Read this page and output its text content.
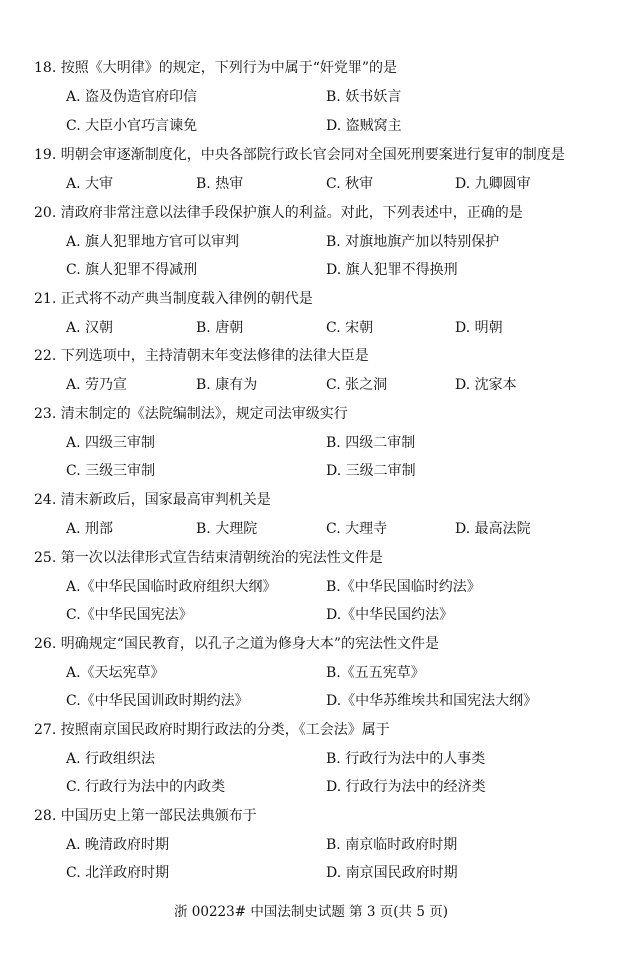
18. 按照《大明律》的规定，下列行为中属于“奸党罪”的是
A. 盗及伪造官府印信	B. 妖书妖言
C. 大臣小官巧言谏免	D. 盗贼窝主
19. 明朝会审逐渐制度化，中央各部院行政长官会同对全国死刑要案进行复审的制度是
A. 大审	B. 热审	C. 秋审	D. 九卿圆审
20. 清政府非常注意以法律手段保护旗人的利益。对此，下列表述中，正确的是
A. 旗人犯罪地方官可以审判	B. 对旗地旗产加以特别保护
C. 旗人犯罪不得减刑	D. 旗人犯罪不得换刑
21. 正式将不动产典当制度载入律例的朝代是
A. 汉朝	B. 唐朝	C. 宋朝	D. 明朝
22. 下列选项中，主持清朝末年变法修律的法律大臣是
A. 劳乃宣	B. 康有为	C. 张之洞	D. 沈家本
23. 清末制定的《法院编制法》，规定司法审级实行
A. 四级三审制	B. 四级二审制
C. 三级三审制	D. 三级二审制
24. 清末新政后，国家最高审判机关是
A. 刑部	B. 大理院	C. 大理寺	D. 最高法院
25. 第一次以法律形式宣告结束清朝统治的宪法性文件是
A.《中华民国临时政府组织大纲》	B.《中华民国临时约法》
C.《中华民国宪法》	D.《中华民国约法》
26. 明确规定“国民教育，以孔子之道为修身大本”的宪法性文件是
A.《天坛宪草》	B.《五五宪草》
C.《中华民国训政时期约法》	D.《中华苏维埃共和国宪法大纲》
27. 按照南京国民政府时期行政法的分类，《工会法》属于
A. 行政组织法	B. 行政行为法中的人事类
C. 行政行为法中的内政类	D. 行政行为法中的经济类
28. 中国历史上第一部民法典颁布于
A. 晚清政府时期	B. 南京临时政府时期
C. 北洋政府时期	D. 南京国民政府时期
浙 00223# 中国法制史试题 第 3 页(共 5 页)
